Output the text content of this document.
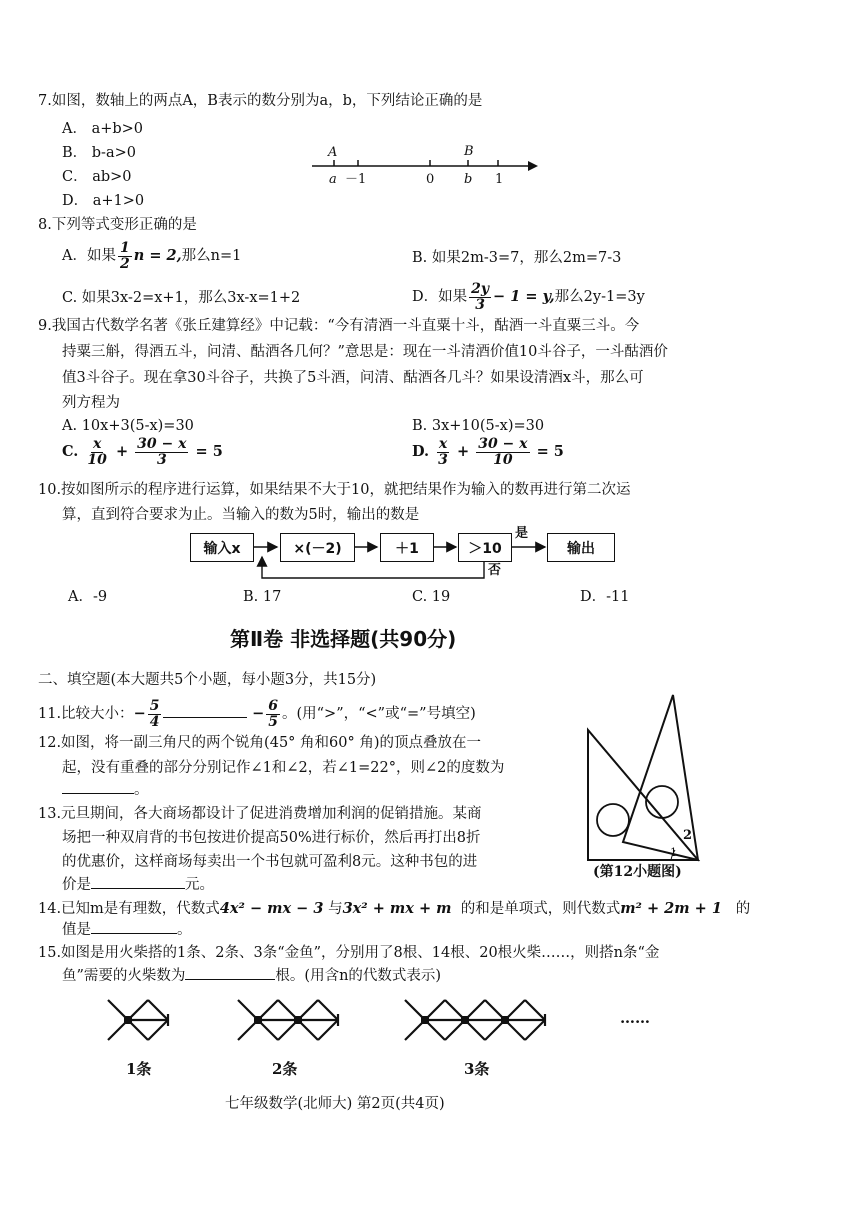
7.如图，数轴上的两点A，B表示的数分别为a，b，下列结论正确的是
A． a+b>0
B． b-a>0
C． ab>0
D． a+1>0
A	B
a －1	0 b 1
8.下列等式变形正确的是
A．如果 $\frac{1}{2}$ n = 2,那么n=1	B. 如果2m-3=7，那么2m=7-3
C. 如果3x-2=x+1，那么3x-x=1+2	D．如果 $\frac{2y}{3} - 1 = y$,那么2y-1=3y
9.我国古代数学名著《张丘建算经》中记载：“今有清酒一斗直粟十斗，酤酒一斗直粟三斗。今
持粟三斛，得酒五斗，问清、酤酒各几何？”意思是：现在一斗清酒价值10斗谷子，一斗酤酒价
值3斗谷子。现在拿30斗谷子，共换了5斗酒，问清、酤酒各几斗？如果设清酒x斗，那么可
列方程为
A. 10x+3(5-x)=30	B. 3x+10(5-x)=30
C. $\frac{x}{10} + \frac{30 - x}{3} = 5$	D. $\frac{x}{3} + \frac{30 - x}{10} = 5$
10.按如图所示的程序进行运算，如果结果不大于10，就把结果作为输入的数再进行第二次运
算，直到符合要求为止。当输入的数为5时，输出的数是
输入x	×(－2)	＋1	＞10	输出
是
否
A．-9	B. 17	C. 19	D．-11
第Ⅱ卷 非选择题(共90分)
二、填空题(本大题共5个小题，每小题3分，共15分)
11.比较大小：− $\frac{5}{4}$	− $\frac{6}{5}$ 。(用“>”，“<”或“=”号填空)
12.如图，将一副三角尺的两个锐角(45° 角和60° 角)的顶点叠放在一
起，没有重叠的部分分别记作∠1和∠2，若∠1=22°，则∠2的度数为
。
2
1
(第12小题图)
13.元旦期间，各大商场都设计了促进消费增加利润的促销措施。某商
场把一种双肩背的书包按进价提高50%进行标价，然后再打出8折
的优惠价，这样商场每卖出一个书包就可盈利8元。这种书包的进
价是	元。
14.已知m是有理数，代数式4x² − mx − 3 与3x² + mx + m 的和是单项式，则代数式m² + 2m + 1 的
值是	。
15.如图是用火柴搭的1条、2条、3条“金鱼”，分别用了8根、14根、20根火柴……，则搭n条“金
鱼”需要的火柴数为	根。(用含n的代数式表示)
……
1条	2条	3条
七年级数学(北师大) 第2页(共4页)
